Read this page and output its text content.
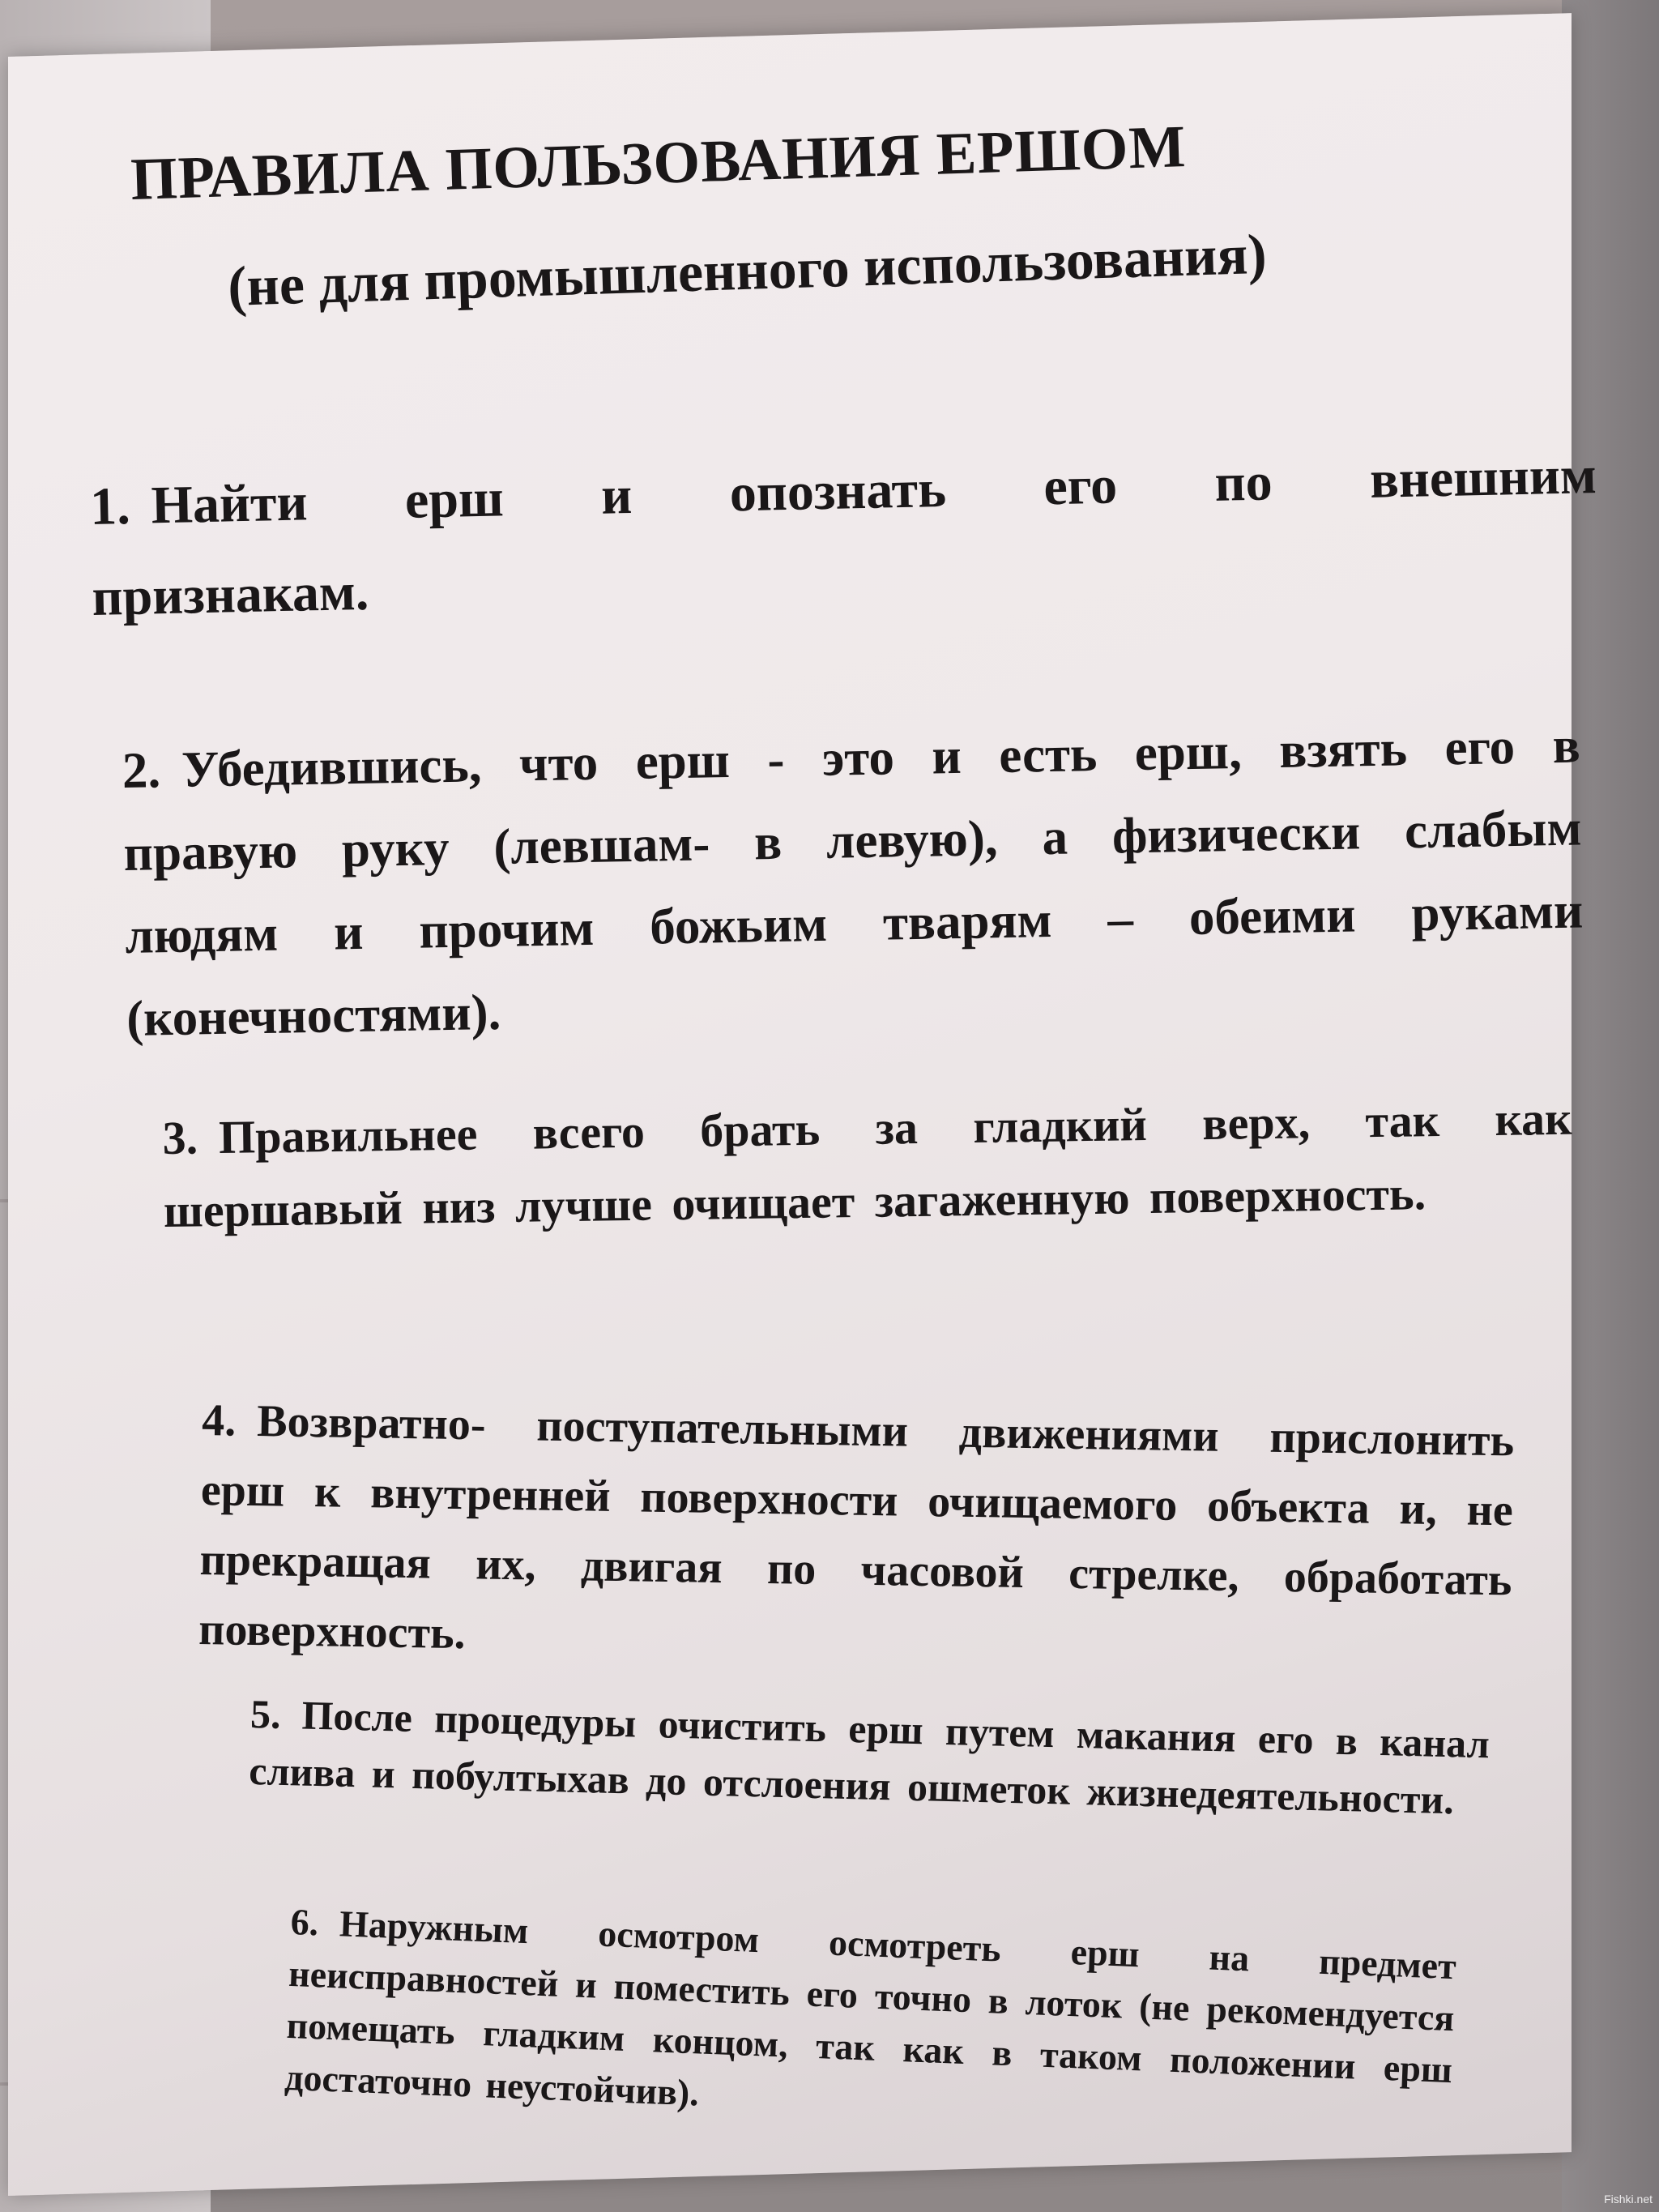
ПРАВИЛА ПОЛЬЗОВАНИЯ ЕРШОМ
(не для промышленного использования)
1. Найти ерш и опознать его по внешним признакам.
2. Убедившись, что ерш - это и есть ерш, взять его в правую руку (левшам- в левую), а физически слабым людям и прочим божьим тварям – обеими руками (конечностями).
3. Правильнее всего брать за гладкий верх, так как шершавый низ лучше очищает загаженную поверхность.
4. Возвратно- поступательными движениями прислонить ерш к внутренней поверхности очищаемого объекта и, не прекращая их, двигая по часовой стрелке, обработать поверхность.
5. После процедуры очистить ерш путем макания его в канал слива и побултыхав до отслоения ошметок жизнедеятельности.
6. Наружным осмотром осмотреть ерш на предмет неисправностей и поместить его точно в лоток (не рекомендуется помещать гладким концом, так как в таком положении ерш достаточно неустойчив).
Fishki.net
